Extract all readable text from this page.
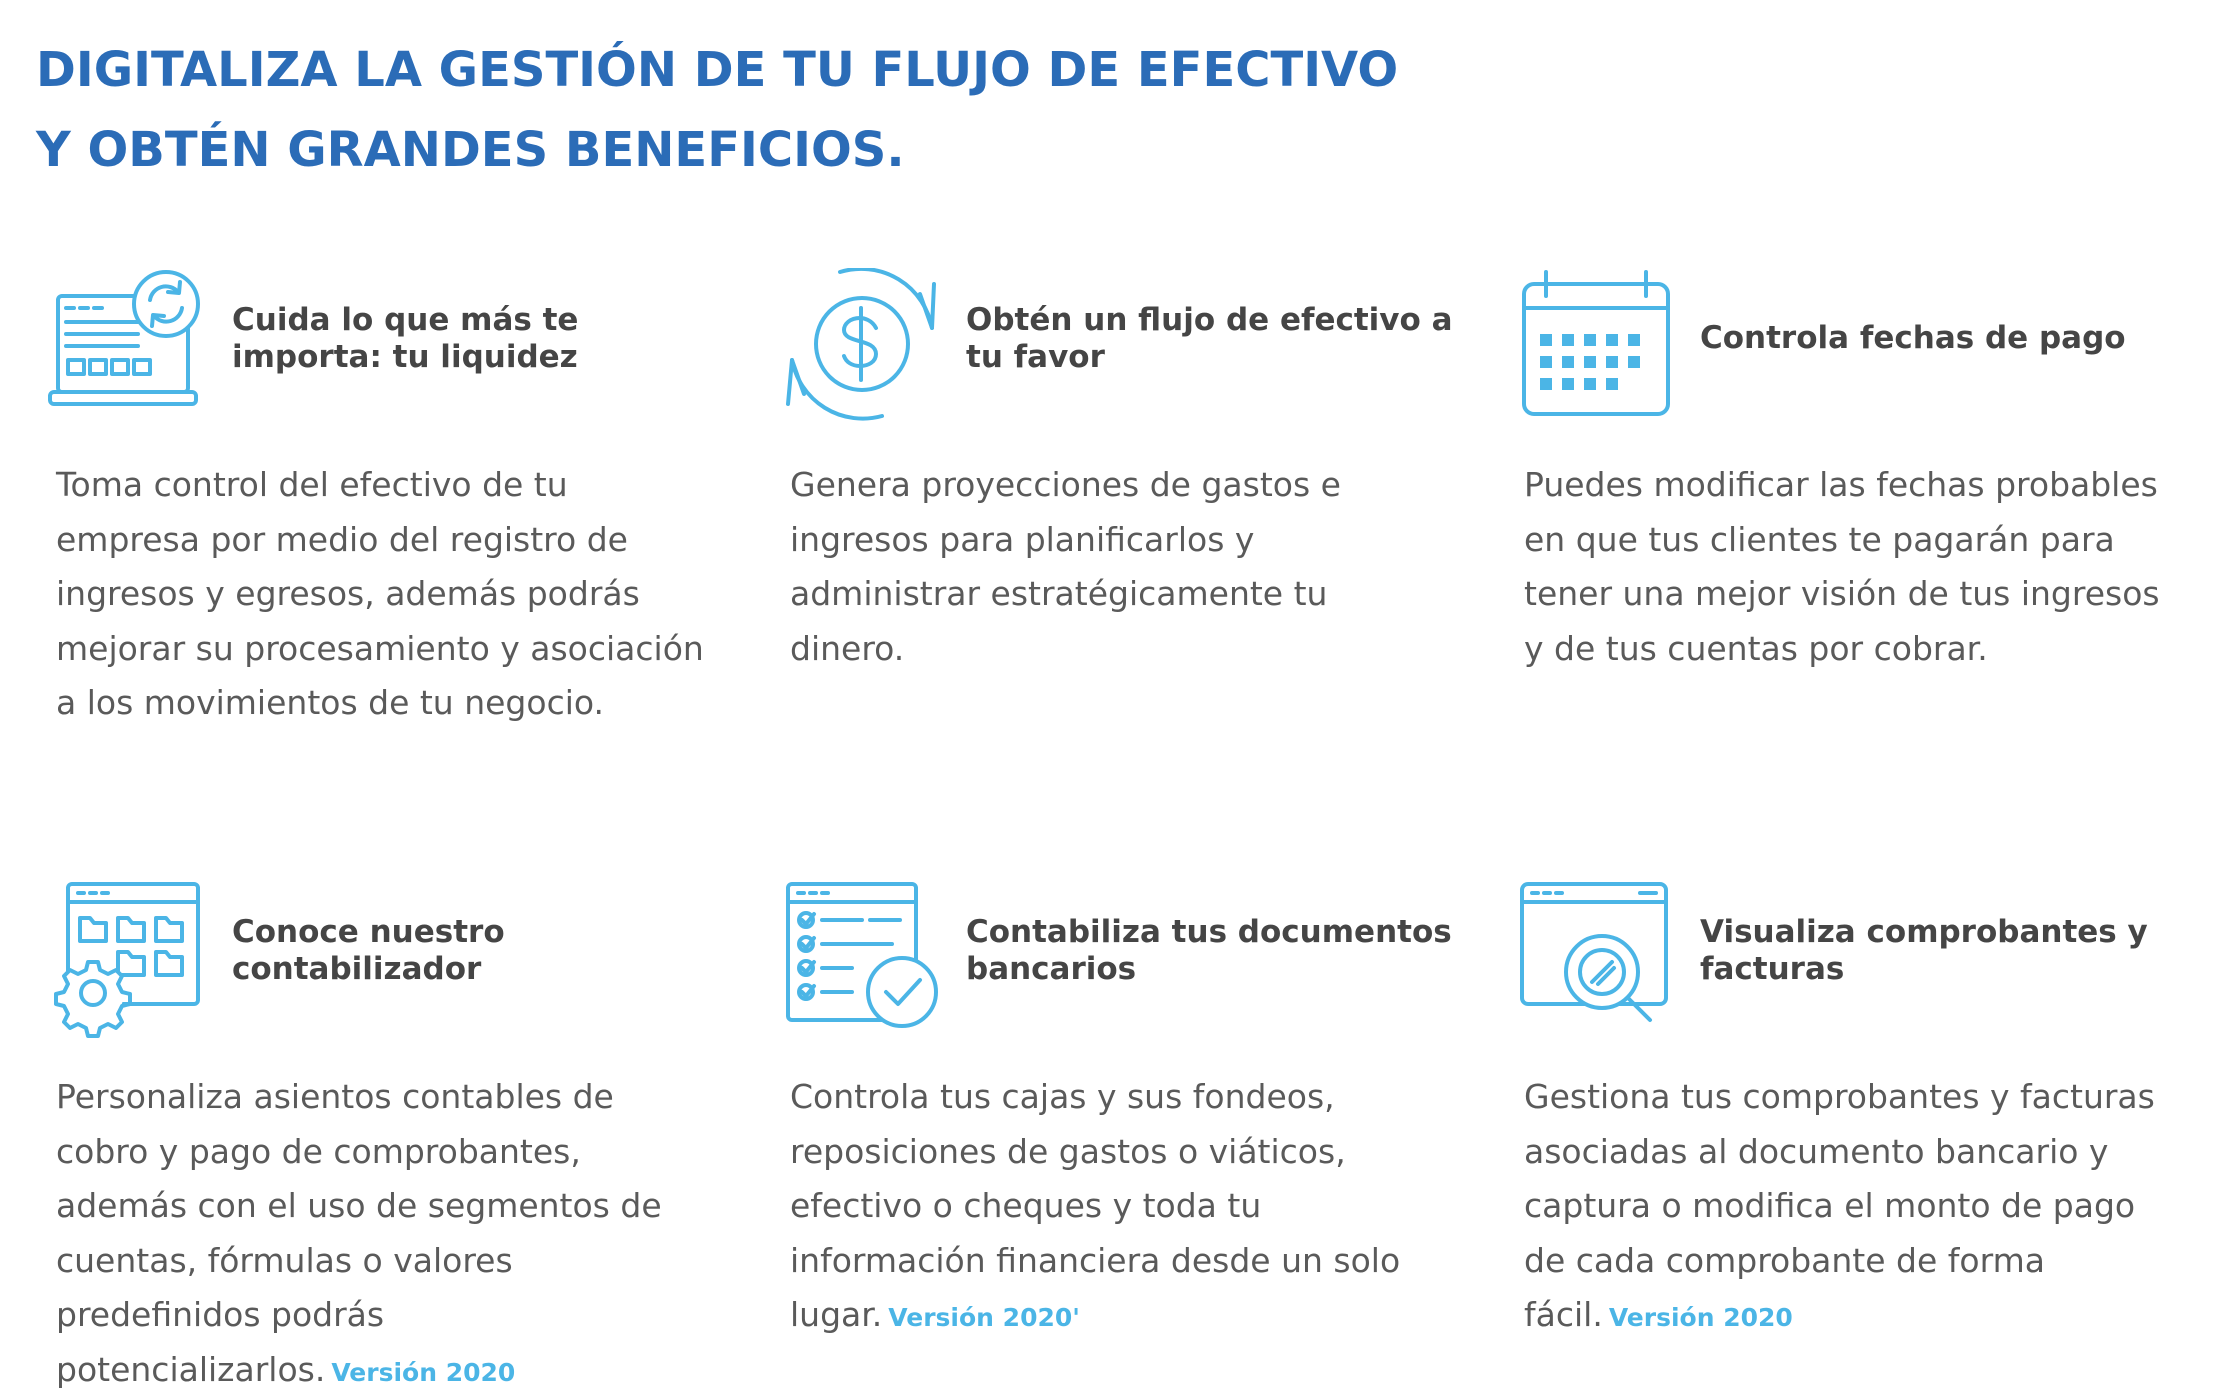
DIGITALIZA LA GESTIÓN DE TU FLUJO DE EFECTIVO
Y OBTÉN GRANDES BENEFICIOS.

Cuida lo que más te importa: tu liquidez

Toma control del efectivo de tu empresa por medio del registro de ingresos y egresos, además podrás mejorar su procesamiento y asociación a los movimientos de tu negocio.

Obtén un flujo de efectivo a tu favor

Genera proyecciones de gastos e ingresos para planificarlos y administrar estratégicamente tu dinero.

Controla fechas de pago

Puedes modificar las fechas probables en que tus clientes te pagarán para tener una mejor visión de tus ingresos y de tus cuentas por cobrar.

Conoce nuestro contabilizador

Personaliza asientos contables de cobro y pago de comprobantes, además con el uso de segmentos de cuentas, fórmulas o valores predefinidos podrás potencializarlos. Versión 2020

Contabiliza tus documentos bancarios

Controla tus cajas y sus fondeos, reposiciones de gastos o viáticos, efectivo o cheques y toda tu información financiera desde un solo lugar. Versión 2020'

Visualiza comprobantes y facturas

Gestiona tus comprobantes y facturas asociadas al documento bancario y captura o modifica el monto de pago de cada comprobante de forma fácil. Versión 2020
